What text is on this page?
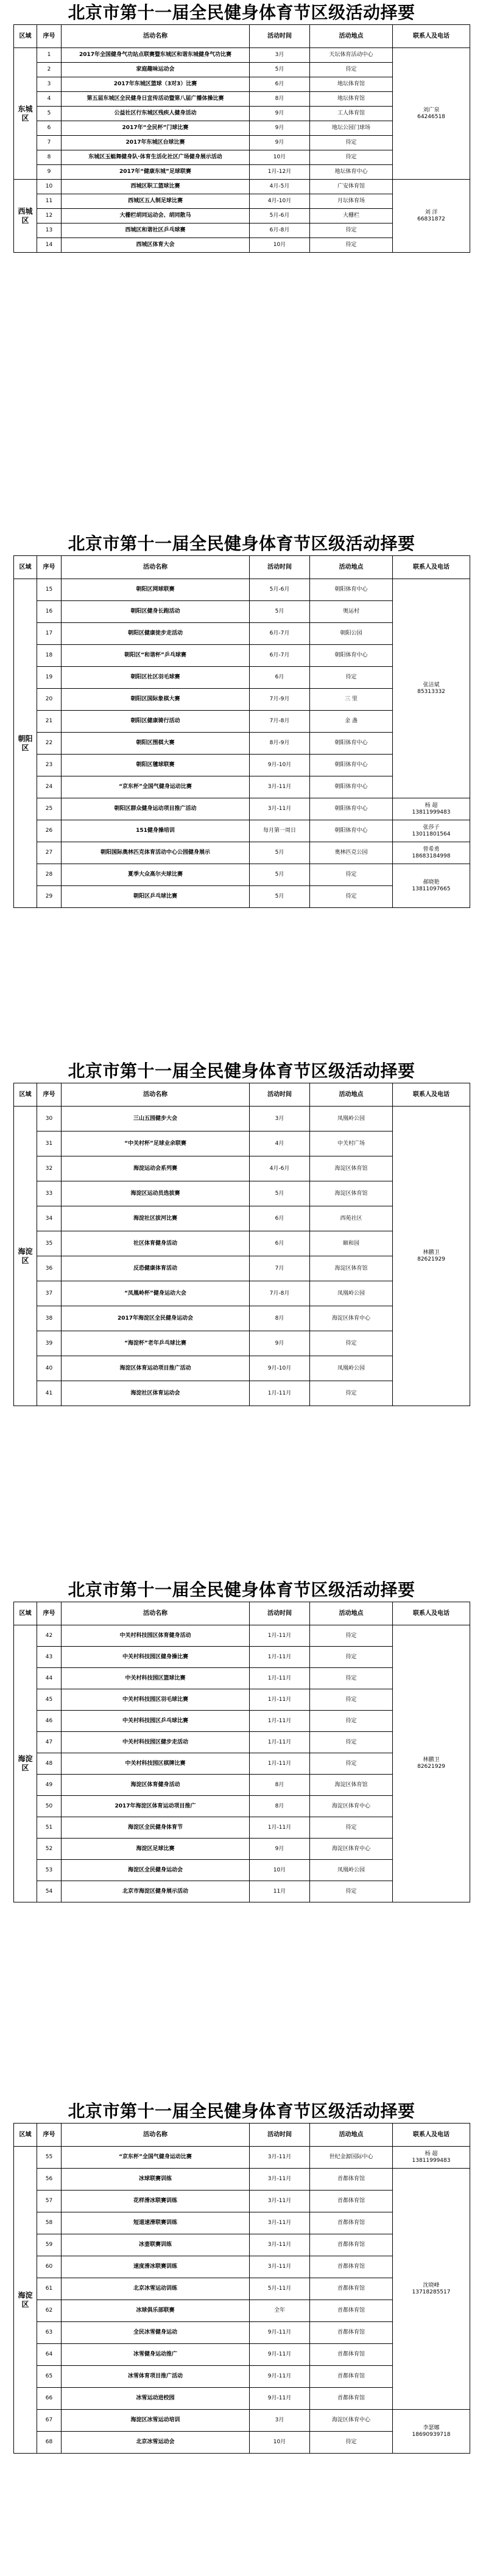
北京市第十一届全民健身体育节区级活动择要
区域	序号	活动名称	活动时间	活动地点	联系人及电话
东城区	1	2017年全国健身气功站点联赛暨东城区和谐东城健身气功比赛	3月	天坛体育活动中心	刘广泉
64246518
	2	家庭趣味运动会	5月	待定	
	3	2017年东城区篮球（3对3）比赛	6月	地坛体育馆	
	4	第五届东城区全民健身日宣传活动暨第八届广播体操比赛	8月	地坛体育馆	
	5	公益社区行东城区残疾人健身活动	9月	工人体育馆	
	6	2017年“全民杯”门球比赛	9月	地坛公园门球场	
	7	2017年东城区台球比赛	9月	待定	
	8	东城区玉蜓舞健身队·体育生活化社区广场健身展示活动	10月	待定	
	9	2017年“健康东城”足球联赛	1月-12月	地坛体育中心	
西城区	10	西城区职工篮球比赛	4月-5月	广安体育馆	刘 洋
66831872
	11	西城区五人制足球比赛	4月-10月	月坛体育场	
	12	大栅栏胡同运动会、胡同散马	5月-6月	大栅栏	
	13	西城区和谐社区乒乓球赛	6月-8月	待定	
	14	西城区体育大会	10月	待定	
北京市第十一届全民健身体育节区级活动择要
区域	序号	活动名称	活动时间	活动地点	联系人及电话
朝阳区	15	朝阳区网球联赛	5月-6月	朝阳体育中心	张洁斌
85313332
	16	朝阳区健身长跑活动	5月	奥运村	
	17	朝阳区健康徒步走活动	6月-7月	朝阳公园	
	18	朝阳区“和谐杯”乒乓球赛	6月-7月	朝阳体育中心	
	19	朝阳区社区羽毛球赛	6月	待定	
	20	朝阳区国际象棋大赛	7月-9月	三 里	
	21	朝阳区健康骑行活动	7月-8月	金 盏	
	22	朝阳区围棋大赛	8月-9月	朝阳体育中心	
	23	朝阳区毽球联赛	9月-10月	朝阳体育中心	
	24	“京东杯”全国气健身运动比赛	3月-11月	朝阳体育中心	
	25	朝阳区群众健身运动项目推广活动	3月-11月	朝阳体育中心	杨 超
13811999483
	26	151健身操培训	每月第一周日	朝阳体育中心	张莎子
13011801564
	27	朝阳国际奥林匹克体育活动中心公园健身展示	5月	奥林匹克公园	曾希勇
18683184998
	28	夏季大众高尔夫球比赛	5月	待定	郝晓艳
13811097665
	29	朝阳区乒乓球比赛	5月	待定	
北京市第十一届全民健身体育节区级活动择要
区域	序号	活动名称	活动时间	活动地点	联系人及电话
海淀区	30	三山五园健步大会	3月	凤凰岭公园	林鹏卫
82621929
	31	“中关村杯”足球业余联赛	4月	中关村广场	
	32	海淀运动会系列赛	4月-6月	海淀区体育馆	
	33	海淀区运动员选拔赛	5月	海淀区体育馆	
	34	海淀社区拔河比赛	6月	西苑社区	
	35	社区体育健身活动	6月	颐和园	
	36	反恐健康体育活动	7月	海淀区体育馆	
	37	“凤凰岭杯”健身运动大会	7月-8月	凤凰岭公园	
	38	2017年海淀区全民健身运动会	8月	海淀区体育中心	
	39	“海淀杯”老年乒乓球比赛	9月	待定	
	40	海淀区体育运动项目推广活动	9月-10月	凤凰岭公园	
	41	海淀社区体育运动会	1月-11月	待定	
北京市第十一届全民健身体育节区级活动择要
区域	序号	活动名称	活动时间	活动地点	联系人及电话
海淀区	42	中关村科技园区体育健身活动	1月-11月	待定	林鹏卫
82621929
	43	中关村科技园区健身操比赛	1月-11月	待定	
	44	中关村科技园区篮球比赛	1月-11月	待定	
	45	中关村科技园区羽毛球比赛	1月-11月	待定	
	46	中关村科技园区乒乓球比赛	1月-11月	待定	
	47	中关村科技园区健步走活动	1月-11月	待定	
	48	中关村科技园区棋牌比赛	1月-11月	待定	
	49	海淀区体育健身活动	8月	海淀区体育馆	
	50	2017年海淀区体育运动项目推广	8月	海淀区体育中心	
	51	海淀区全民健身体育节	1月-11月	待定	
	52	海淀区足球比赛	9月	海淀区体育中心	
	53	海淀区全民健身运动会	10月	凤凰岭公园	
	54	北京市海淀区健身展示活动	11月	待定	
北京市第十一届全民健身体育节区级活动择要
区域	序号	活动名称	活动时间	活动地点	联系人及电话
海淀区	55	“京东杯”全国气健身运动比赛	3月-11月	世纪金源国际中心	杨 超
13811999483
	56	冰球联赛训练	3月-11月	首都体育馆	沈晓峰
13718285517
	57	花样滑冰联赛训练	3月-11月	首都体育馆	
	58	短道速滑联赛训练	3月-11月	首都体育馆	
	59	冰壶联赛训练	3月-11月	首都体育馆	
	60	速度滑冰联赛训练	3月-11月	首都体育馆	
	61	北京冰雪运动训练	5月-11月	首都体育馆	
	62	冰球俱乐部联赛	全年	首都体育馆	
	63	全民冰雪健身运动	9月-11月	首都体育馆	
	64	冰雪健身运动推广	9月-11月	首都体育馆	
	65	冰雪体育项目推广活动	9月-11月	首都体育馆	
	66	冰雪运动进校园	9月-11月	首都体育馆	
	67	海淀区冰雪运动培训	3月	海淀区体育中心	李瑟娜
18690939718
	68	北京冰雪运动会	10月	待定	
